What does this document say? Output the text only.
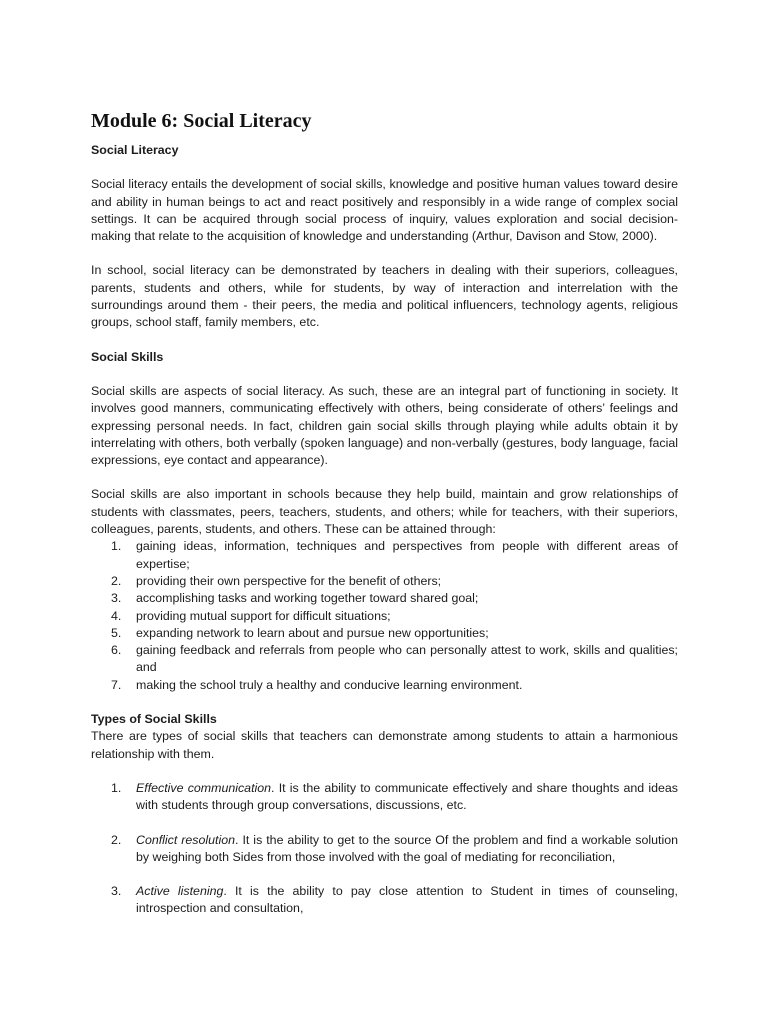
Module 6: Social Literacy
Social Literacy

Social literacy entails the development of social skills, knowledge and positive human values toward desire and ability in human beings to act and react positively and responsibly in a wide range of complex social settings. It can be acquired through social process of inquiry, values exploration and social decision-making that relate to the acquisition of knowledge and understanding (Arthur, Davison and Stow, 2000).

In school, social literacy can be demonstrated by teachers in dealing with their superiors, colleagues, parents, students and others, while for students, by way of interaction and interrelation with the surroundings around them - their peers, the media and political influencers, technology agents, religious groups, school staff, family members, etc.

Social Skills

Social skills are aspects of social literacy. As such, these are an integral part of functioning in society. It involves good manners, communicating effectively with others, being considerate of others’ feelings and expressing personal needs. In fact, children gain social skills through playing while adults obtain it by interrelating with others, both verbally (spoken language) and non-verbally (gestures, body language, facial expressions, eye contact and appearance).

Social skills are also important in schools because they help build, maintain and grow relationships of students with classmates, peers, teachers, students, and others; while for teachers, with their superiors, colleagues, parents, students, and others. These can be attained through:

1. gaining ideas, information, techniques and perspectives from people with different areas of expertise;
2. providing their own perspective for the benefit of others;
3. accomplishing tasks and working together toward shared goal;
4. providing mutual support for difficult situations;
5. expanding network to learn about and pursue new opportunities;
6. gaining feedback and referrals from people who can personally attest to work, skills and qualities; and
7. making the school truly a healthy and conducive learning environment.
Types of Social Skills

There are types of social skills that teachers can demonstrate among students to attain a harmonious relationship with them.

1. Effective communication. It is the ability to communicate effectively and share thoughts and ideas with students through group conversations, discussions, etc.
2. Conflict resolution. It is the ability to get to the source Of the problem and find a workable solution by weighing both Sides from those involved with the goal of mediating for reconciliation,
3. Active listening. It is the ability to pay close attention to Student in times of counseling, introspection and consultation,
